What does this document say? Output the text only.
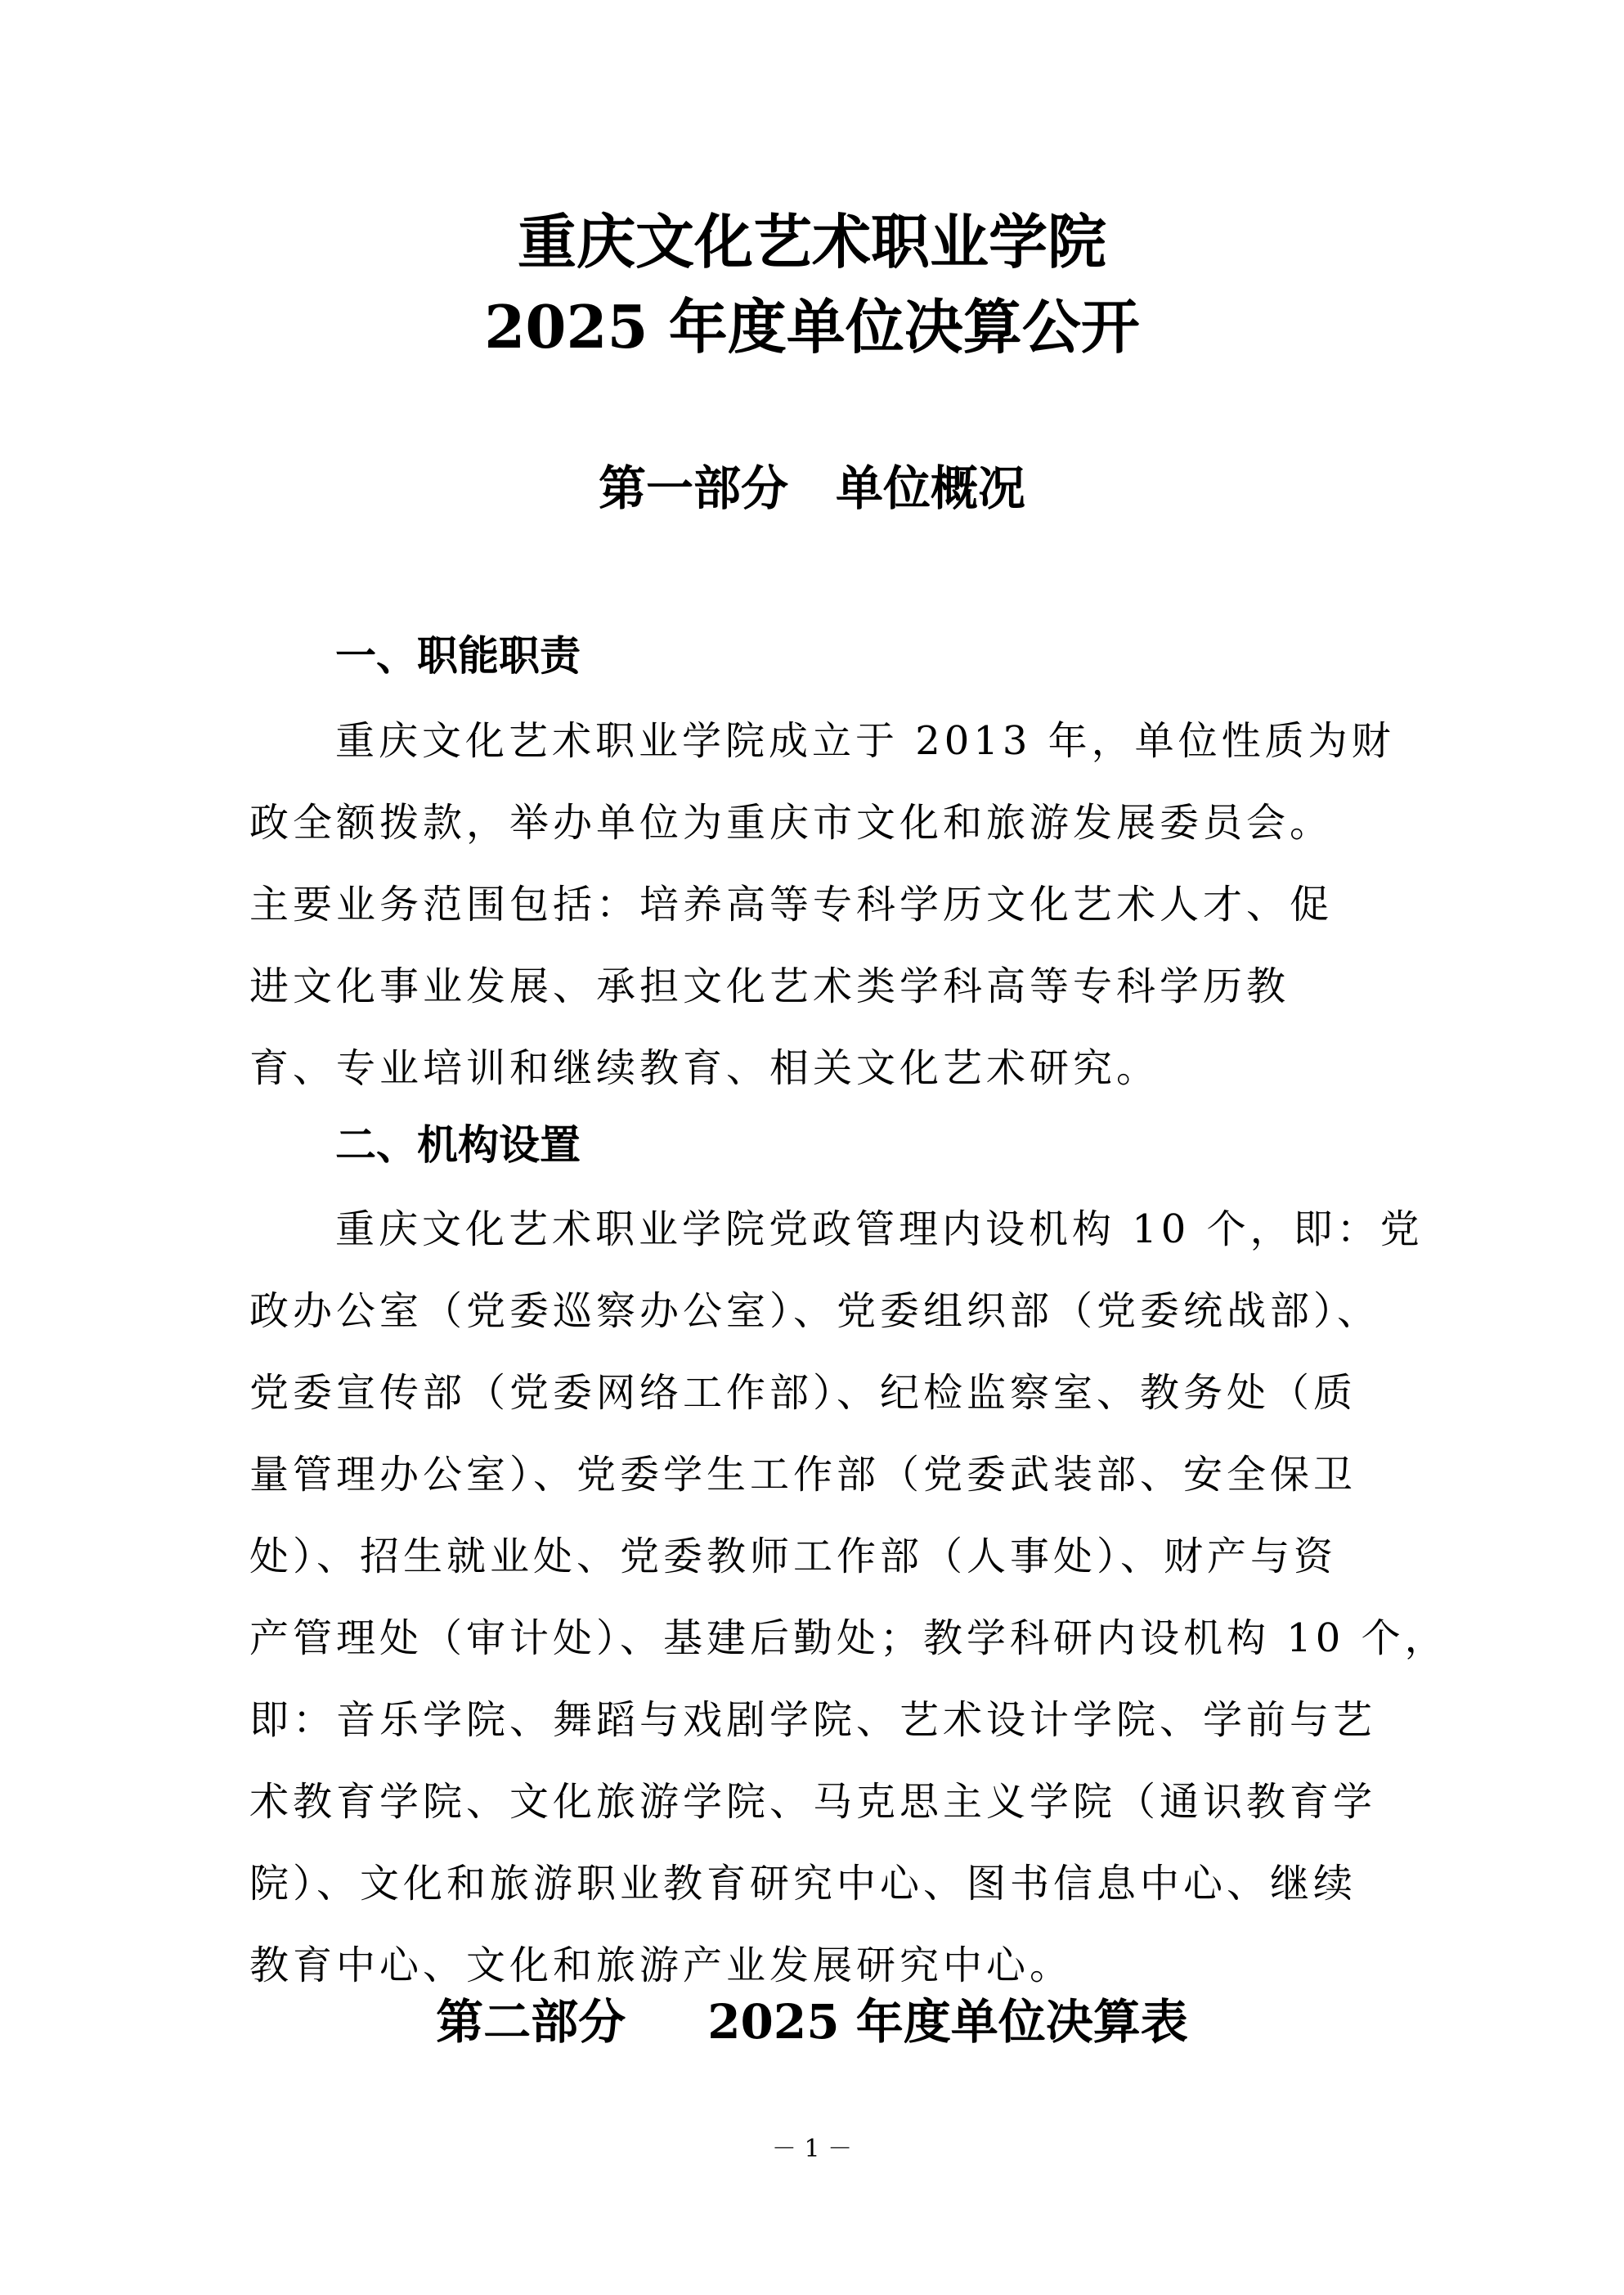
重庆文化艺术职业学院
2025 年度单位决算公开
第一部分 单位概况
一、职能职责

重庆文化艺术职业学院成立于 2013 年，单位性质为财
政全额拨款，举办单位为重庆市文化和旅游发展委员会。
主要业务范围包括：培养高等专科学历文化艺术人才、促
进文化事业发展、承担文化艺术类学科高等专科学历教
育、专业培训和继续教育、相关文化艺术研究。

二、机构设置

重庆文化艺术职业学院党政管理内设机构 10 个，即：党
政办公室（党委巡察办公室）、党委组织部（党委统战部）、
党委宣传部（党委网络工作部）、纪检监察室、教务处（质
量管理办公室）、党委学生工作部（党委武装部、安全保卫
处）、招生就业处、党委教师工作部（人事处）、财产与资
产管理处（审计处）、基建后勤处；教学科研内设机构 10 个，
即：音乐学院、舞蹈与戏剧学院、艺术设计学院、学前与艺
术教育学院、文化旅游学院、马克思主义学院（通识教育学
院）、文化和旅游职业教育研究中心、图书信息中心、继续
教育中心、文化和旅游产业发展研究中心。

第二部分 2025 年度单位决算表
－ 1 －
